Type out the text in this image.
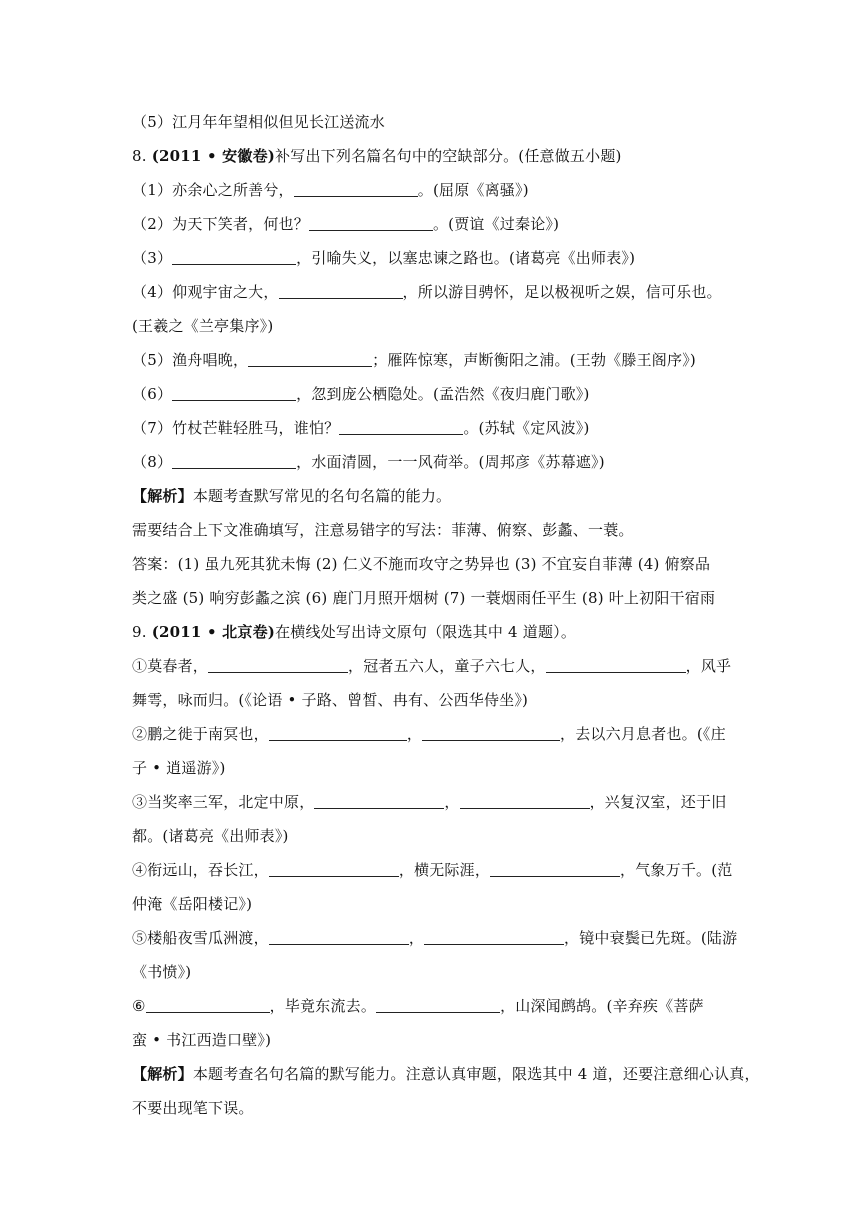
（5）江月年年望相似但见长江送流水
8. (2011 • 安徽卷)补写出下列名篇名句中的空缺部分。(任意做五小题)
（1）亦余心之所善兮，	。(屈原《离骚》)
（2）为天下笑者，何也？	。(贾谊《过秦论》)
（3）	，引喻失义，以塞忠谏之路也。(诸葛亮《出师表》)
（4）仰观宇宙之大，	，所以游目骋怀，足以极视听之娱，信可乐也。
(王羲之《兰亭集序》)
（5）渔舟唱晚，	；雁阵惊寒，声断衡阳之浦。(王勃《滕王阁序》)
（6）	，忽到庞公栖隐处。(孟浩然《夜归鹿门歌》)
（7）竹杖芒鞋轻胜马，谁怕？	。(苏轼《定风波》)
（8）	，水面清圆，一一风荷举。(周邦彦《苏幕遮》)
【解析】本题考查默写常见的名句名篇的能力。
需要结合上下文准确填写，注意易错字的写法：菲薄、俯察、彭蠡、一蓑。
答案：(1) 虽九死其犹未悔 (2) 仁义不施而攻守之势异也 (3) 不宜妄自菲薄 (4) 俯察品
类之盛 (5) 响穷彭蠡之滨 (6) 鹿门月照开烟树 (7) 一蓑烟雨任平生 (8) 叶上初阳干宿雨
9. (2011 • 北京卷)在横线处写出诗文原句（限选其中 4 道题）。
①莫春者，	，冠者五六人，童子六七人，	，风乎
舞雩，咏而归。(《论语 • 子路、曾皙、冉有、公西华侍坐》)
②鹏之徙于南冥也，	，	，去以六月息者也。(《庄
子 • 逍遥游》)
③当奖率三军，北定中原，	，	，兴复汉室，还于旧
都。(诸葛亮《出师表》)
④衔远山，吞长江，	，横无际涯，	，气象万千。(范
仲淹《岳阳楼记》)
⑤楼船夜雪瓜洲渡，	，	，镜中衰鬓已先斑。(陆游
《书愤》)
⑥	，毕竟东流去。	，山深闻鹧鸪。(辛弃疾《菩萨
蛮 • 书江西造口壁》)
【解析】本题考查名句名篇的默写能力。注意认真审题，限选其中 4 道，还要注意细心认真，
不要出现笔下误。
